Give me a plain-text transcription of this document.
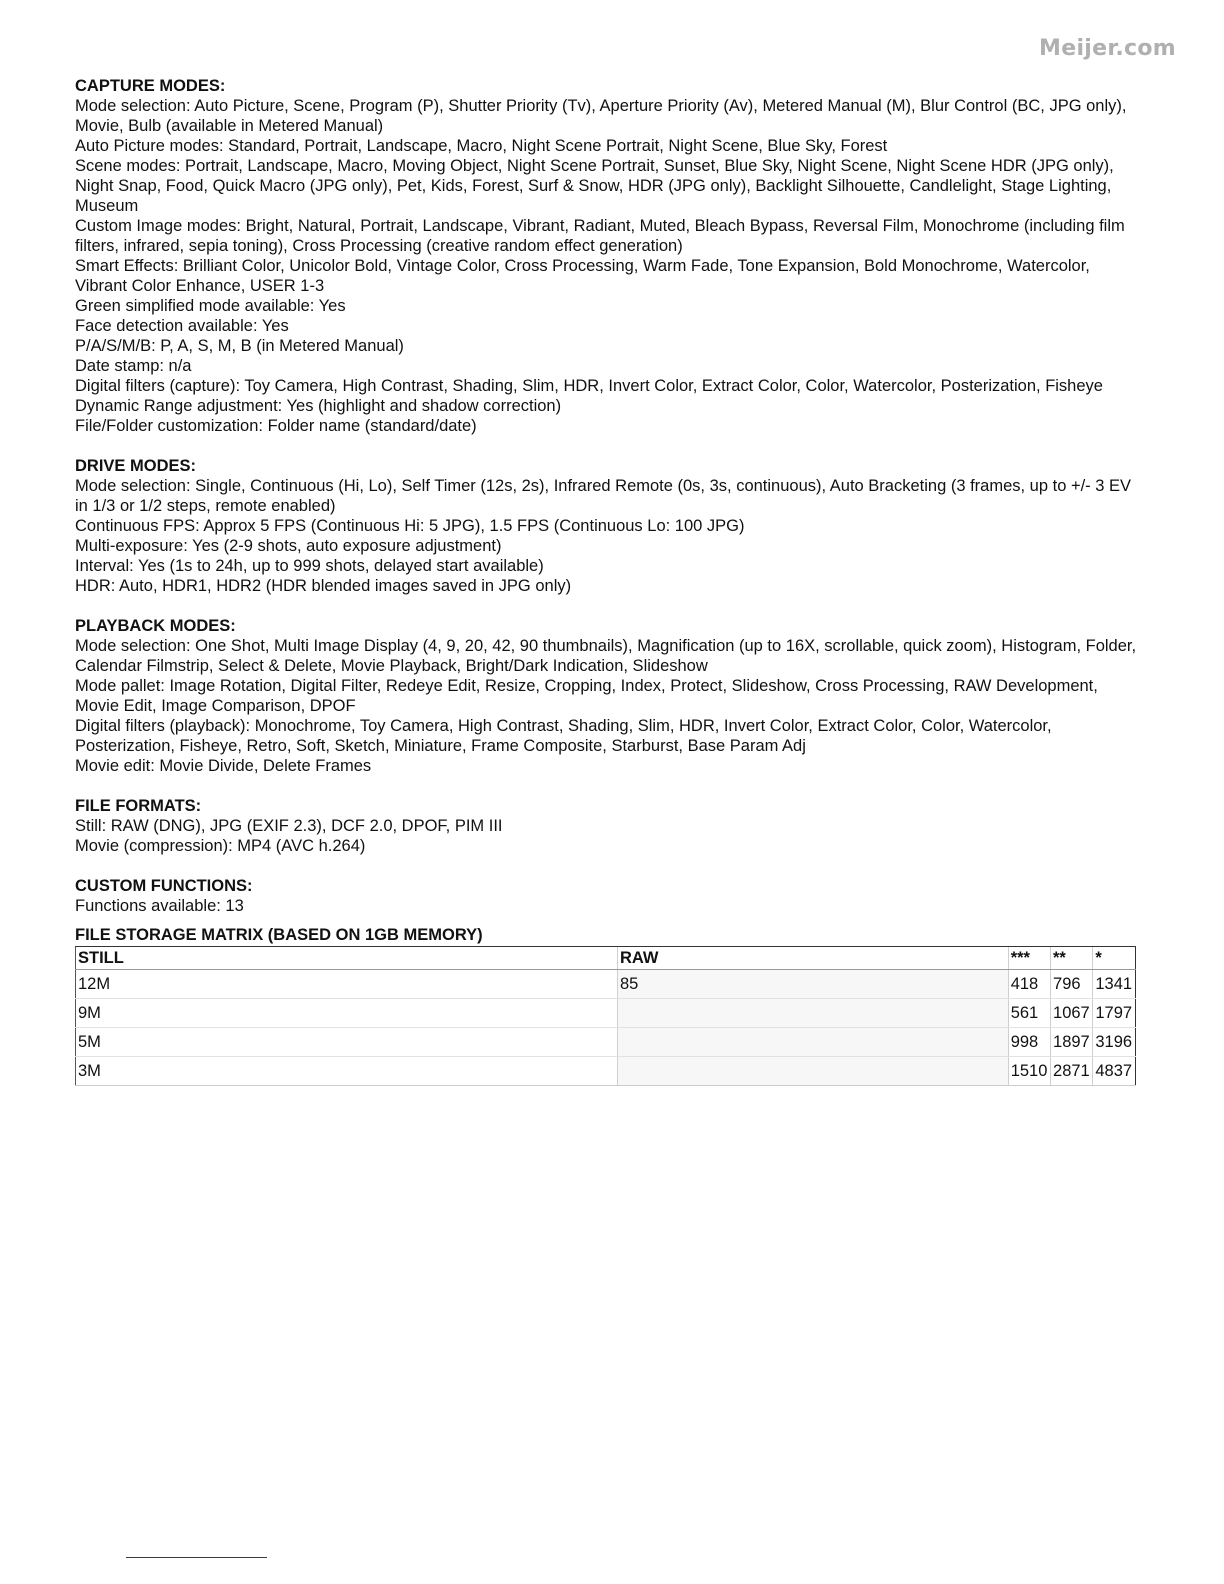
Meijer.com
CAPTURE MODES:
Mode selection: Auto Picture, Scene, Program (P), Shutter Priority (Tv), Aperture Priority (Av), Metered Manual (M), Blur Control (BC, JPG only), Movie, Bulb (available in Metered Manual)
Auto Picture modes: Standard, Portrait, Landscape, Macro, Night Scene Portrait, Night Scene, Blue Sky, Forest
Scene modes: Portrait, Landscape, Macro, Moving Object, Night Scene Portrait, Sunset, Blue Sky, Night Scene, Night Scene HDR (JPG only), Night Snap, Food, Quick Macro (JPG only), Pet, Kids, Forest, Surf & Snow, HDR (JPG only), Backlight Silhouette, Candlelight, Stage Lighting, Museum
Custom Image modes: Bright, Natural, Portrait, Landscape, Vibrant, Radiant, Muted, Bleach Bypass, Reversal Film, Monochrome (including film filters, infrared, sepia toning), Cross Processing (creative random effect generation)
Smart Effects: Brilliant Color, Unicolor Bold, Vintage Color, Cross Processing, Warm Fade, Tone Expansion, Bold Monochrome, Watercolor, Vibrant Color Enhance, USER 1-3
Green simplified mode available: Yes
Face detection available: Yes
P/A/S/M/B: P, A, S, M, B (in Metered Manual)
Date stamp: n/a
Digital filters (capture): Toy Camera, High Contrast, Shading, Slim, HDR, Invert Color, Extract Color, Color, Watercolor, Posterization, Fisheye
Dynamic Range adjustment: Yes (highlight and shadow correction)
File/Folder customization: Folder name (standard/date)
DRIVE MODES:
Mode selection: Single, Continuous (Hi, Lo), Self Timer (12s, 2s), Infrared Remote (0s, 3s, continuous), Auto Bracketing (3 frames, up to +/- 3 EV in 1/3 or 1/2 steps, remote enabled)
Continuous FPS: Approx 5 FPS (Continuous Hi: 5 JPG), 1.5 FPS (Continuous Lo: 100 JPG)
Multi-exposure: Yes (2-9 shots, auto exposure adjustment)
Interval: Yes (1s to 24h, up to 999 shots, delayed start available)
HDR: Auto, HDR1, HDR2 (HDR blended images saved in JPG only)
PLAYBACK MODES:
Mode selection: One Shot, Multi Image Display (4, 9, 20, 42, 90 thumbnails), Magnification (up to 16X, scrollable, quick zoom), Histogram, Folder, Calendar Filmstrip, Select & Delete, Movie Playback, Bright/Dark Indication, Slideshow
Mode pallet: Image Rotation, Digital Filter, Redeye Edit, Resize, Cropping, Index, Protect, Slideshow, Cross Processing, RAW Development, Movie Edit, Image Comparison, DPOF
Digital filters (playback): Monochrome, Toy Camera, High Contrast, Shading, Slim, HDR, Invert Color, Extract Color, Color, Watercolor, Posterization, Fisheye, Retro, Soft, Sketch, Miniature, Frame Composite, Starburst, Base Param Adj
Movie edit: Movie Divide, Delete Frames
FILE FORMATS:
Still: RAW (DNG), JPG (EXIF 2.3), DCF 2.0, DPOF, PIM III
Movie (compression): MP4 (AVC h.264)
CUSTOM FUNCTIONS:
Functions available: 13
FILE STORAGE MATRIX (BASED ON 1GB MEMORY)
STILL	RAW	***	**	*
12M	85	418	796	1341
9M		561	1067	1797
5M		998	1897	3196
3M		1510	2871	4837
